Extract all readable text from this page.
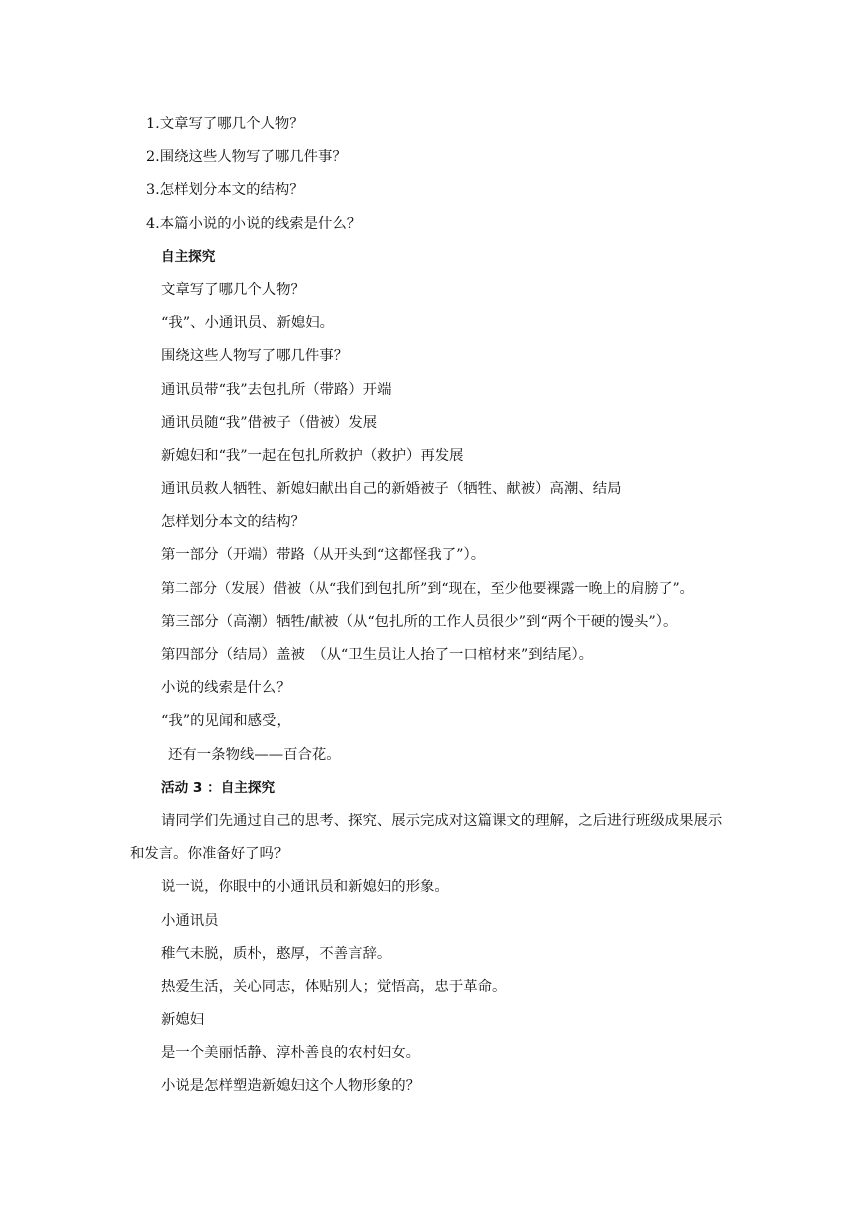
1.文章写了哪几个人物？
2.围绕这些人物写了哪几件事？
3.怎样划分本文的结构？
4.本篇小说的小说的线索是什么？
自主探究
文章写了哪几个人物？
“我”、小通讯员、新媳妇。
围绕这些人物写了哪几件事？
通讯员带“我”去包扎所（带路）开端
通讯员随“我”借被子（借被）发展
新媳妇和“我”一起在包扎所救护（救护）再发展
通讯员救人牺牲、新媳妇献出自己的新婚被子（牺牲、献被）高潮、结局
怎样划分本文的结构？
第一部分（开端）带路（从开头到“这都怪我了”）。
第二部分（发展）借被（从“我们到包扎所”到“现在，至少他要裸露一晚上的肩膀了”。
第三部分（高潮）牺牲/献被（从“包扎所的工作人员很少”到“两个干硬的馒头”）。
第四部分（结局）盖被　（从“卫生员让人抬了一口棺材来”到结尾）。
小说的线索是什么？
“我”的见闻和感受，
还有一条物线——百合花。
活动 3 ：自主探究
请同学们先通过自己的思考、探究、展示完成对这篇课文的理解，之后进行班级成果展示和发言。你准备好了吗？
说一说，你眼中的小通讯员和新媳妇的形象。
小通讯员
稚气未脱，质朴，憨厚，不善言辞。
热爱生活，关心同志，体贴别人；觉悟高，忠于革命。
新媳妇
是一个美丽恬静、淳朴善良的农村妇女。
小说是怎样塑造新媳妇这个人物形象的？
